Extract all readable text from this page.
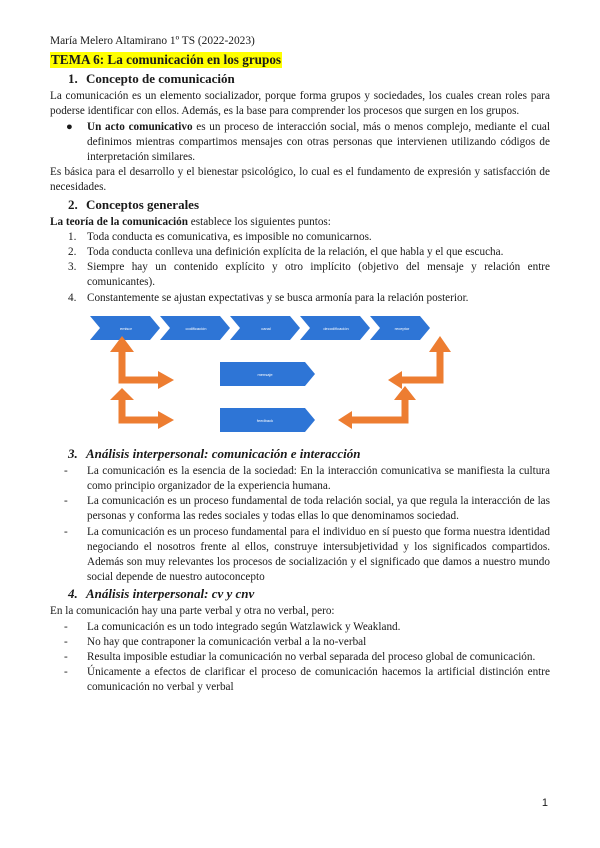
María Melero Altamirano 1º TS (2022-2023)
TEMA 6: La comunicación en los grupos
1. Concepto de comunicación

La comunicación es un elemento socializador, porque forma grupos y sociedades, los cuales crean roles para poderse identificar con ellos. Además, es la base para comprender los procesos que surgen en los grupos.

● Un acto comunicativo es un proceso de interacción social, más o menos complejo, mediante el cual definimos mientras compartimos mensajes con otras personas que intervienen utilizando códigos de interpretación similares.

Es básica para el desarrollo y el bienestar psicológico, lo cual es el fundamento de expresión y satisfacción de necesidades.

2. Conceptos generales

La teoría de la comunicación establece los siguientes puntos:

1. Toda conducta es comunicativa, es imposible no comunicarnos.
2. Toda conducta conlleva una definición explícita de la relación, el que habla y el que escucha.
3. Siempre hay un contenido explícito y otro implícito (objetivo del mensaje y relación entre comunicantes).
4. Constantemente se ajustan expectativas y se busca armonía para la relación posterior.
emisor	codificación	canal	decodificación	receptor
mensaje
feedback
3. Análisis interpersonal: comunicación e interacción
- La comunicación es la esencia de la sociedad: En la interacción comunicativa se manifiesta la cultura como principio organizador de la experiencia humana.
- La comunicación es un proceso fundamental de toda relación social, ya que regula la interacción de las personas y conforma las redes sociales y todas ellas lo que denominamos sociedad.
- La comunicación es un proceso fundamental para el individuo en sí puesto que forma nuestra identidad negociando el nosotros frente al ellos, construye intersubjetividad y los significados compartidos. Además son muy relevantes los procesos de socialización y el significado que damos a nuestro mundo social depende de nuestro autoconcepto
4. Análisis interpersonal: cv y cnv

En la comunicación hay una parte verbal y otra no verbal, pero:

- La comunicación es un todo integrado según Watzlawick y Weakland.
- No hay que contraponer la comunicación verbal a la no-verbal
- Resulta imposible estudiar la comunicación no verbal separada del proceso global de comunicación.
- Únicamente a efectos de clarificar el proceso de comunicación hacemos la artificial distinción entre comunicación no verbal y verbal
1
